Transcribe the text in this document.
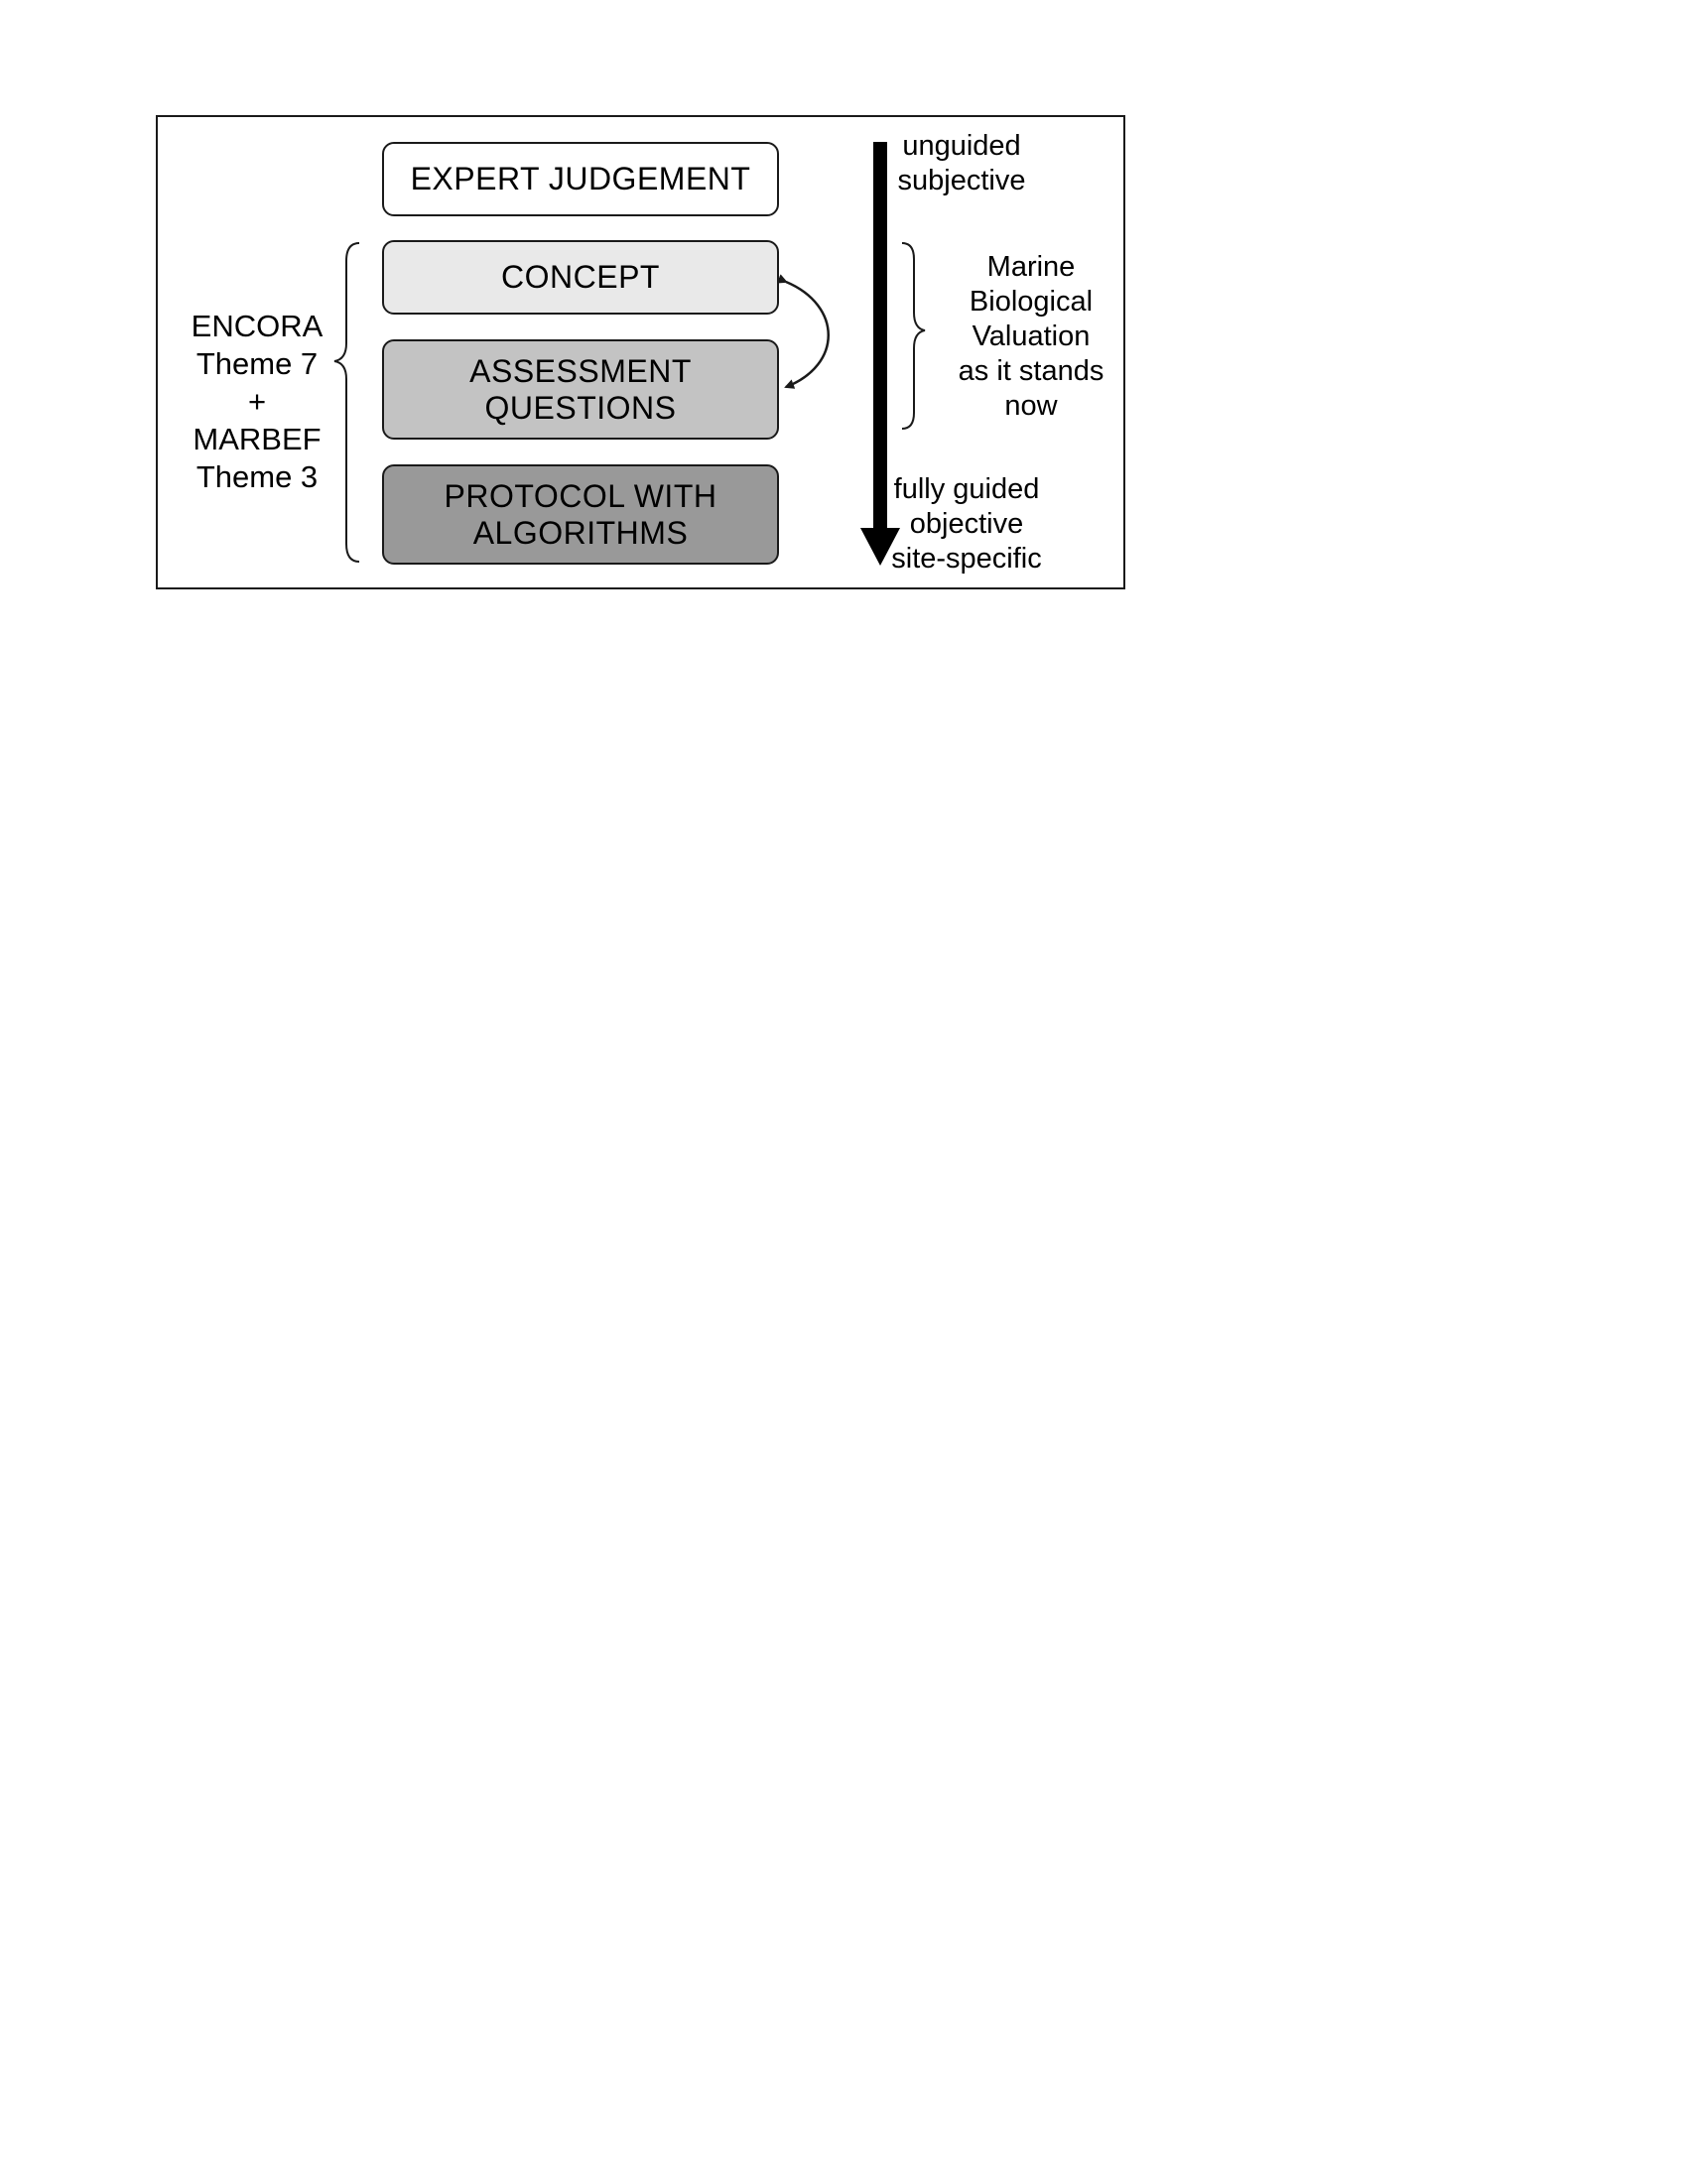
EXPERT JUDGEMENT
CONCEPT
ASSESSMENT
QUESTIONS
PROTOCOL WITH
ALGORITHMS
ENCORA
Theme 7
+
MARBEF
Theme 3
Marine
Biological
Valuation
as it stands
now
unguided
subjective
fully guided
objective
site-specific
